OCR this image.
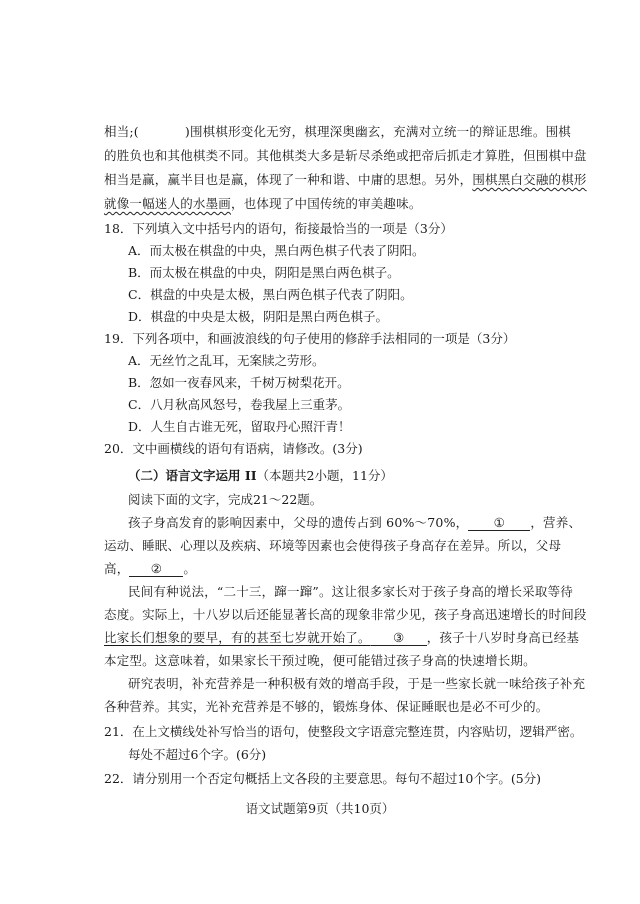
相当;(	)围棋棋形变化无穷，棋理深奥幽玄，充满对立统一的辩证思维。围棋
的胜负也和其他棋类不同。其他棋类大多是斩尽杀绝或把帝后抓走才算胜，但围棋中盘
相当是赢，赢半目也是赢，体现了一种和谐、中庸的思想。另外，围棋黑白交融的棋形
就像一幅迷人的水墨画，也体现了中国传统的审美趣味。
18．下列填入文中括号内的语句，衔接最恰当的一项是（3分）
A．而太极在棋盘的中央，黑白两色棋子代表了阴阳。
B．而太极在棋盘的中央，阴阳是黑白两色棋子。
C．棋盘的中央是太极，黑白两色棋子代表了阴阳。
D．棋盘的中央是太极，阴阳是黑白两色棋子。
19．下列各项中，和画波浪线的句子使用的修辞手法相同的一项是（3分）
A．无丝竹之乱耳，无案牍之劳形。
B．忽如一夜春风来，千树万树梨花开。
C．八月秋高风怒号，卷我屋上三重茅。
D．人生自古谁无死，留取丹心照汗青！
20．文中画横线的语句有语病，请修改。(3分)
（二）语言文字运用 II（本题共2小题，11分）
阅读下面的文字，完成21～22题。
孩子身高发育的影响因素中，父母的遗传占到 60%～70%， ① ，营养、
运动、睡眠、心理以及疾病、环境等因素也会使得孩子身高存在差异。所以，父母
高， ② 。
民间有种说法，“二十三，蹿一蹿”。这让很多家长对于孩子身高的增长采取等待
态度。实际上，十八岁以后还能显著长高的现象非常少见，孩子身高迅速增长的时间段
比家长们想象的要早，有的甚至七岁就开始了。 ③ ，孩子十八岁时身高已经基
本定型。这意味着，如果家长干预过晚，便可能错过孩子身高的快速增长期。
研究表明，补充营养是一种积极有效的增高手段，于是一些家长就一味给孩子补充
各种营养。其实，光补充营养是不够的，锻炼身体、保证睡眠也是必不可少的。
21．在上文横线处补写恰当的语句，使整段文字语意完整连贯，内容贴切，逻辑严密。
每处不超过6个字。(6分)
22．请分别用一个否定句概括上文各段的主要意思。每句不超过10个字。(5分)
语文试题第9页（共10页）
